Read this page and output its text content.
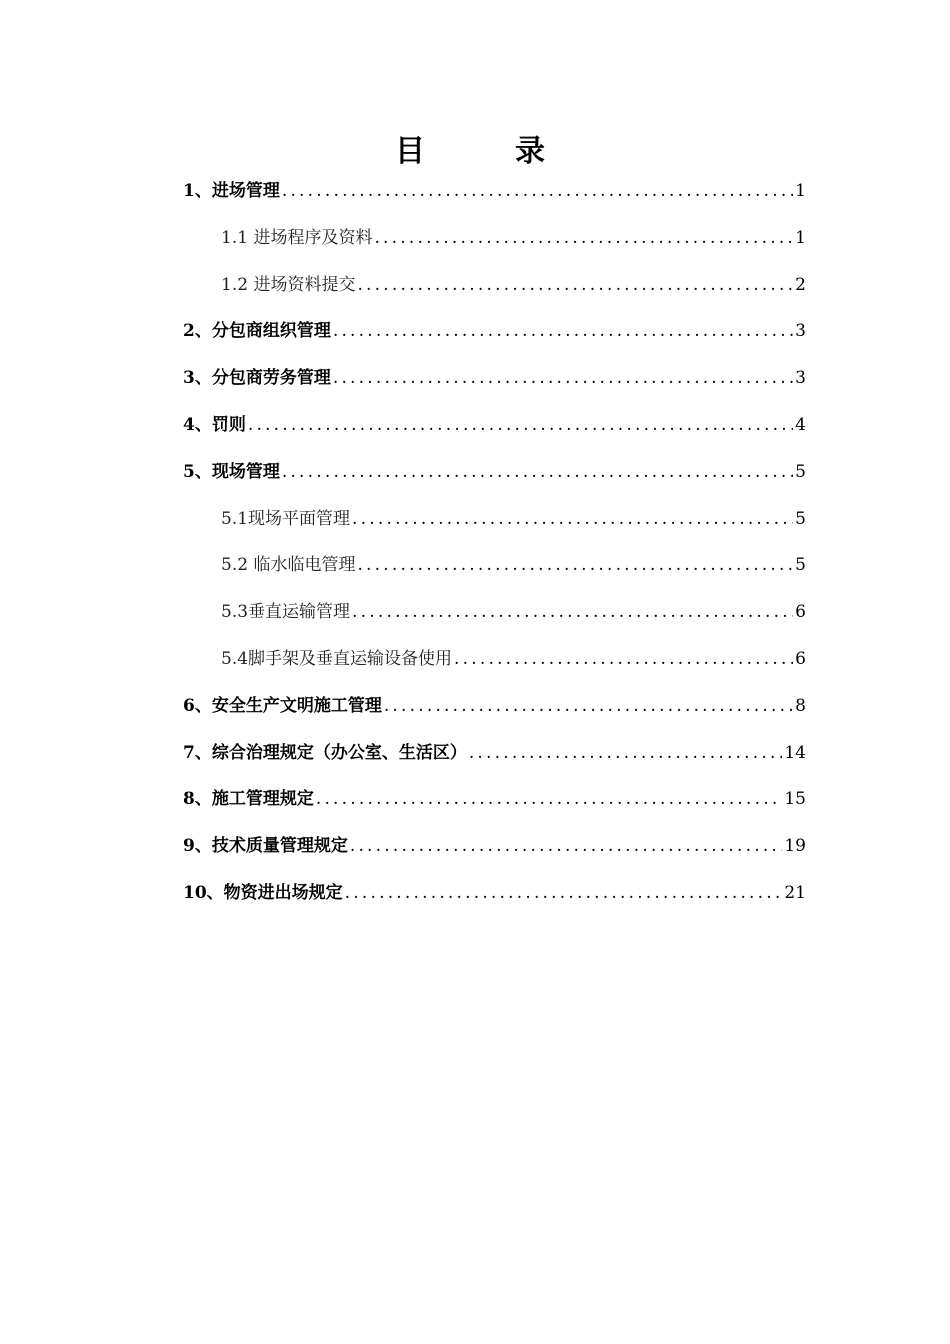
目　录
1、进场管理 .....	1
1.1 进场程序及资料 .....	1
1.2 进场资料提交 .....	2
2、分包商组织管理 .....	3
3、分包商劳务管理 .....	3
4、罚则 .....	4
5、现场管理 .....	5
5.1现场平面管理 .....	5
5.2 临水临电管理 .....	5
5.3垂直运输管理 .....	6
5.4脚手架及垂直运输设备使用 .....	6
6、安全生产文明施工管理 .....	8
7、综合治理规定（办公室、生活区） .....	14
8、施工管理规定 .....	15
9、技术质量管理规定 .....	19
10、物资进出场规定 .....	21
